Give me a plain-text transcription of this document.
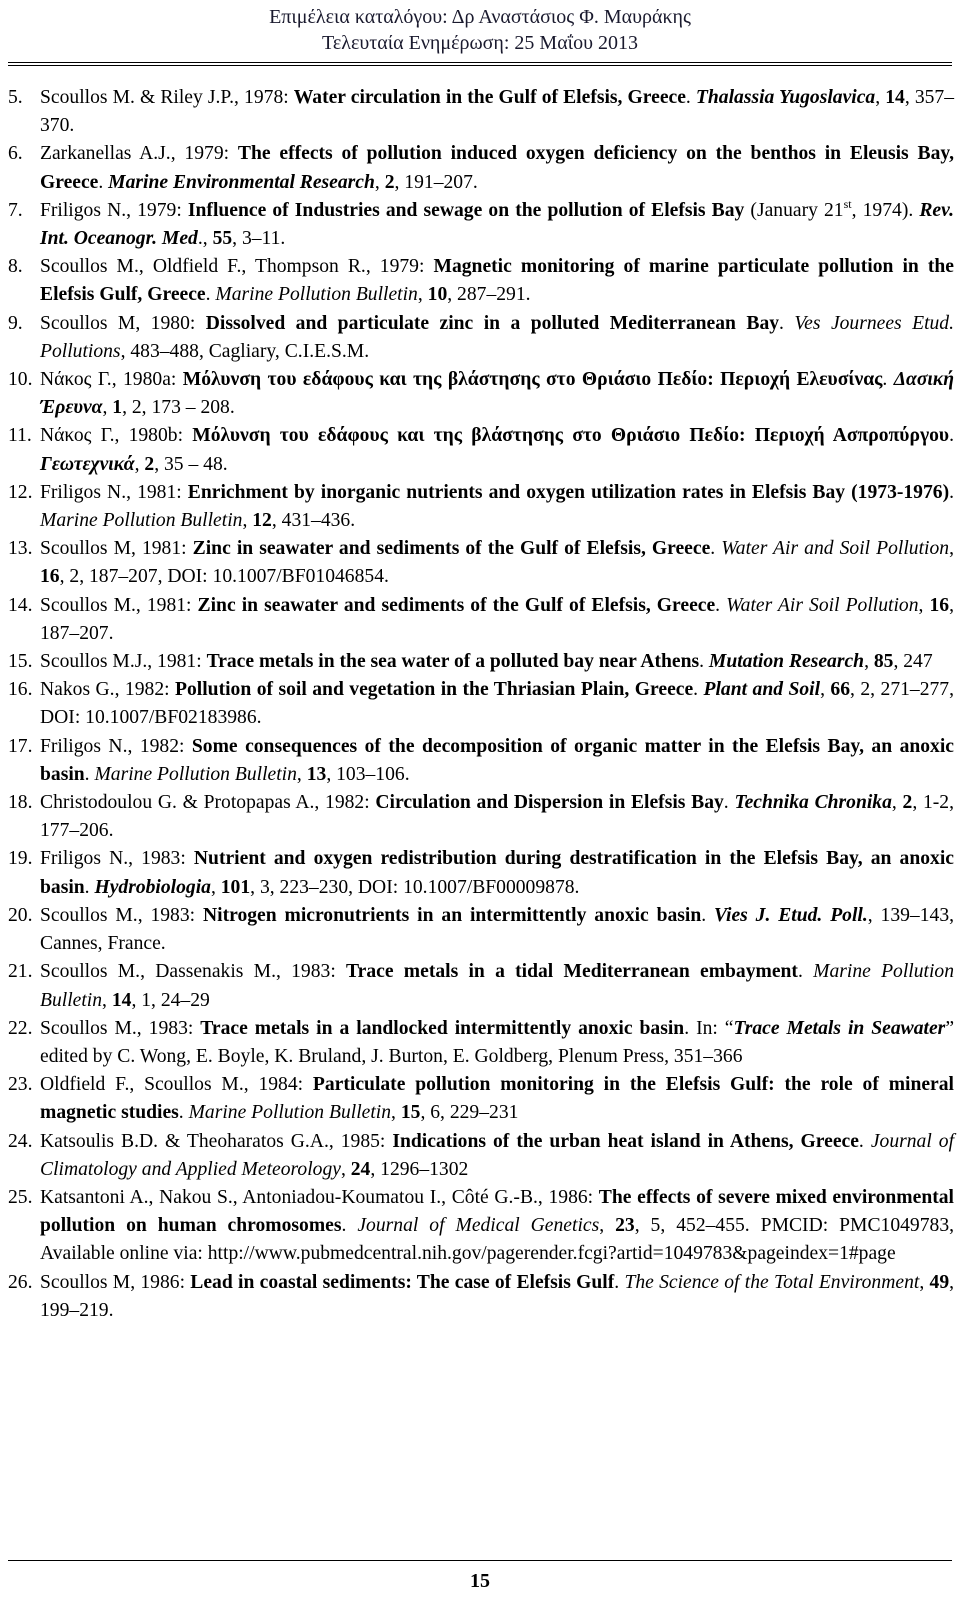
Επιμέλεια καταλόγου: Δρ Αναστάσιος Φ. Μαυράκης
Τελευταία Ενημέρωση: 25 Μαΐου 2013
5. Scoullos M. & Riley J.P., 1978: Water circulation in the Gulf of Elefsis, Greece. Thalassia Yugoslavica, 14, 357–370.
6. Zarkanellas A.J., 1979: The effects of pollution induced oxygen deficiency on the benthos in Eleusis Bay, Greece. Marine Environmental Research, 2, 191–207.
7. Friligos N., 1979: Influence of Industries and sewage on the pollution of Elefsis Bay (January 21st, 1974). Rev. Int. Oceanogr. Med., 55, 3–11.
8. Scoullos M., Oldfield F., Thompson R., 1979: Magnetic monitoring of marine particulate pollution in the Elefsis Gulf, Greece. Marine Pollution Bulletin, 10, 287–291.
9. Scoullos M, 1980: Dissolved and particulate zinc in a polluted Mediterranean Bay. Ves Journees Etud. Pollutions, 483–488, Cagliary, C.I.E.S.M.
10. Νάκος Γ., 1980a: Μόλυνση του εδάφους και της βλάστησης στο Θριάσιο Πεδίο: Περιοχή Ελευσίνας. Δασική Έρευνα, 1, 2, 173 – 208.
11. Νάκος Γ., 1980b: Μόλυνση του εδάφους και της βλάστησης στο Θριάσιο Πεδίο: Περιοχή Ασπροπύργου. Γεωτεχνικά, 2, 35 – 48.
12. Friligos N., 1981: Enrichment by inorganic nutrients and oxygen utilization rates in Elefsis Bay (1973-1976). Marine Pollution Bulletin, 12, 431–436.
13. Scoullos M, 1981: Zinc in seawater and sediments of the Gulf of Elefsis, Greece. Water Air and Soil Pollution, 16, 2, 187–207, DOI: 10.1007/BF01046854.
14. Scoullos M., 1981: Zinc in seawater and sediments of the Gulf of Elefsis, Greece. Water Air Soil Pollution, 16, 187–207.
15. Scoullos M.J., 1981: Trace metals in the sea water of a polluted bay near Athens. Mutation Research, 85, 247
16. Nakos G., 1982: Pollution of soil and vegetation in the Thriasian Plain, Greece. Plant and Soil, 66, 2, 271–277, DOI: 10.1007/BF02183986.
17. Friligos N., 1982: Some consequences of the decomposition of organic matter in the Elefsis Bay, an anoxic basin. Marine Pollution Bulletin, 13, 103–106.
18. Christodoulou G. & Protopapas A., 1982: Circulation and Dispersion in Elefsis Bay. Technika Chronika, 2, 1-2, 177–206.
19. Friligos N., 1983: Nutrient and oxygen redistribution during destratification in the Elefsis Bay, an anoxic basin. Hydrobiologia, 101, 3, 223–230, DOI: 10.1007/BF00009878.
20. Scoullos M., 1983: Nitrogen micronutrients in an intermittently anoxic basin. Vies J. Etud. Poll., 139–143, Cannes, France.
21. Scoullos M., Dassenakis M., 1983: Trace metals in a tidal Mediterranean embayment. Marine Pollution Bulletin, 14, 1, 24–29
22. Scoullos M., 1983: Trace metals in a landlocked intermittently anoxic basin. In: “Trace Metals in Seawater” edited by C. Wong, E. Boyle, K. Bruland, J. Burton, E. Goldberg, Plenum Press, 351–366
23. Oldfield F., Scoullos M., 1984: Particulate pollution monitoring in the Elefsis Gulf: the role of mineral magnetic studies. Marine Pollution Bulletin, 15, 6, 229–231
24. Katsoulis B.D. & Theoharatos G.A., 1985: Indications of the urban heat island in Athens, Greece. Journal of Climatology and Applied Meteorology, 24, 1296–1302
25. Katsantoni A., Nakou S., Antoniadou-Koumatou I., Côté G.-B., 1986: The effects of severe mixed environmental pollution on human chromosomes. Journal of Medical Genetics, 23, 5, 452–455. PMCID: PMC1049783, Available online via: http://www.pubmedcentral.nih.gov/pagerender.fcgi?artid=1049783&pageindex=1#page
26. Scoullos M, 1986: Lead in coastal sediments: The case of Elefsis Gulf. The Science of the Total Environment, 49, 199–219.
15
